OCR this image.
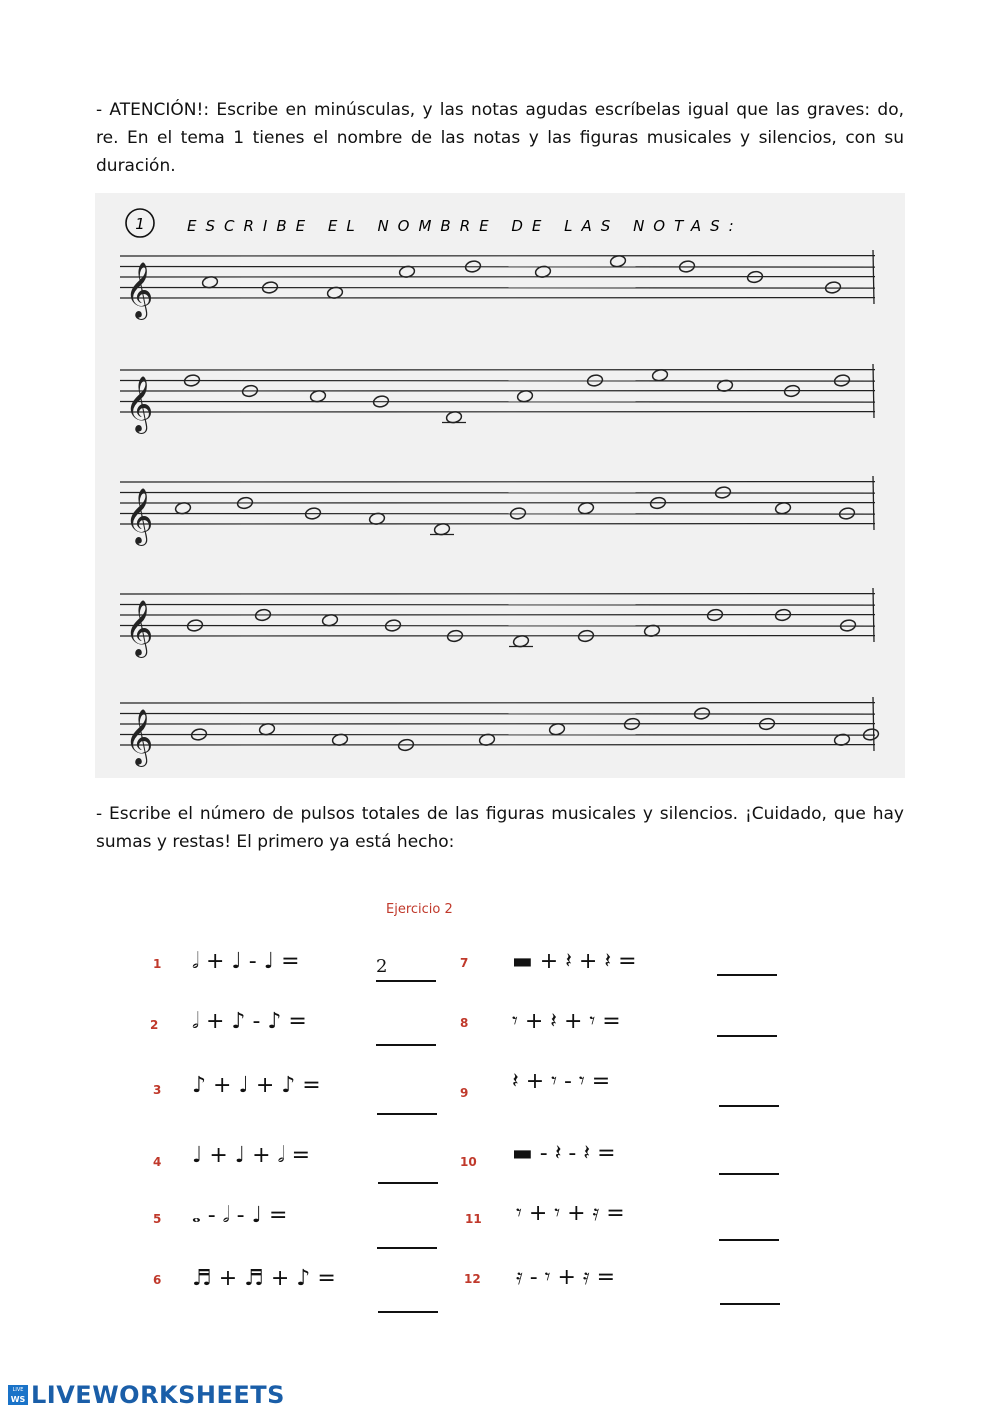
- ATENCIÓN!: Escribe en minúsculas, y las notas agudas escríbelas igual que las graves: do, re. En el tema 1 tienes el nombre de las notas y las figuras musicales y silencios, con su duración.
1	ESCRIBE EL NOMBRE DE LAS NOTAS:
𝄞
𝄞
𝄞
𝄞
𝄞
- Escribe el número de pulsos totales de las figuras musicales y silencios. ¡Cuidado, que hay sumas y restas! El primero ya está hecho:
Ejercicio 2
1 𝅗𝅥 + ♩ - ♩ =	2
2 𝅗𝅥 + ♪ - ♪ =
3 ♪ + ♩ + ♪ =
4 ♩ + ♩ + 𝅗𝅥 =
5 𝅝 - 𝅗𝅥 - ♩ =
6 ♬ + ♬ + ♪ =
7 ▬ + 𝄽 + 𝄽 =
8 𝄾 + 𝄽 + 𝄾 =
9 𝄽 + 𝄾 - 𝄾 =
10 ▬ - 𝄽 - 𝄽 =
11 𝄾 + 𝄾 + 𝄿 =
12 𝄿 - 𝄾 + 𝄿 =
LIVE
WS LIVEWORKSHEETS
